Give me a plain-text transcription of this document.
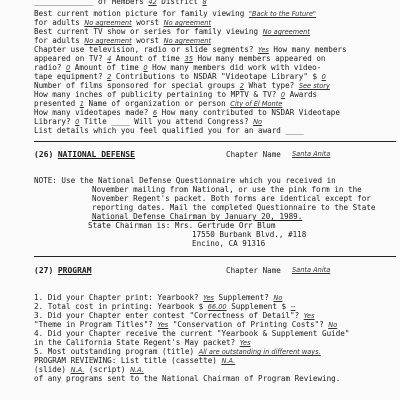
_____________ of Members 42 District 8
Best current motion picture for family viewing "Back to the Future"
for adults No agreement worst No agreement
Best current TV show or series for family viewing No agreement
for adults No agreement worst No agreement
Chapter use television, radio or slide segments? Yes How many members
appeared on TV? 4 Amount of time 35 How many members appeared on
radio? 0 Amount of time 0 How many members did work with video-
tape equipment? 2 Contributions to NSDAR "Videotape Library" $ 0
Number of films sponsored for special groups 2 What type? See story
How many inches of publicity pertaining to MPTV & TV? 0 Awards
presented 1 Name of organization or person City of El Monte
How many videotapes made? 6 How many contributed to NSDAR Videotape
Library? 0 Title ____ Will you attend Congress? No
List details which you feel qualified you for an award ____
(26) NATIONAL DEFENSE	Chapter Name Santa Anita
NOTE: Use the National Defense Questionnaire which you received in
November mailing from National, or use the pink form in the
November Regent's packet. Both forms are identical except for
reporting dates. Mail the completed Questionnaire to the State
National Defense Chairman by January 20, 1989.
State Chairman is: Mrs. Gertrude Orr Blum
17550 Burbank Blvd., #118
Encino, CA 91316
(27) PROGRAM	Chapter Name Santa Anita
1. Did your Chapter print: Yearbook? Yes Supplement? No
2. Total cost in printing: Yearbook $ 66.00 Supplement $ --
3. Did your Chapter enter contest "Correctness of Detail"? Yes
"Theme in Program Titles"? Yes "Conservation of Printing Costs"? No
4. Did your Chapter receive the current "Yearbook & Supplement Guide"
in the California State Regent's May packet? Yes
5. Most outstanding program (title) All are outstanding in different ways.
PROGRAM REVIEWING: List title (cassette) N.A.
(slide) N.A. (script) N.A.
of any programs sent to the National Chairman of Program Reviewing.
